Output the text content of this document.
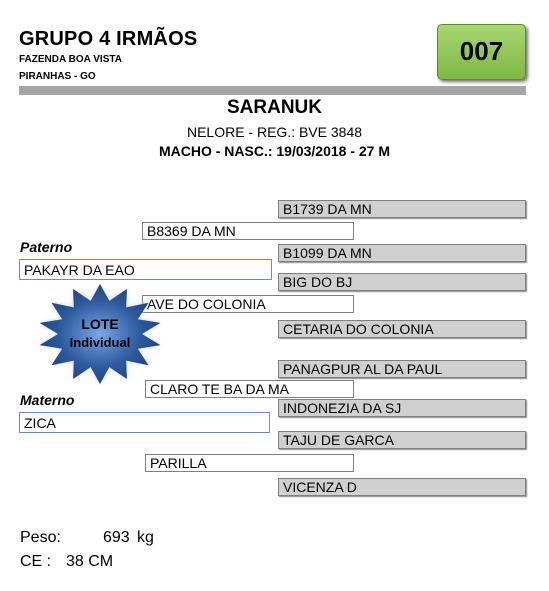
GRUPO 4 IRMÃOS
FAZENDA BOA VISTA
PIRANHAS - GO
007
SARANUK
NELORE - REG.: BVE 3848
MACHO - NASC.: 19/03/2018 - 27 M
B1739 DA MN
B1099 DA MN
BIG DO BJ
CETARIA DO COLONIA
PANAGPUR AL DA PAUL
INDONEZIA DA SJ
TAJU DE GARCA
VICENZA D
B8369 DA MN
AVE DO COLONIA
CLARO TE BA DA MA
PARILLA
Paterno
PAKAYR DA EAO
Materno
ZICA
LOTE
Individual
Peso:	693 kg
CE : 38 CM
